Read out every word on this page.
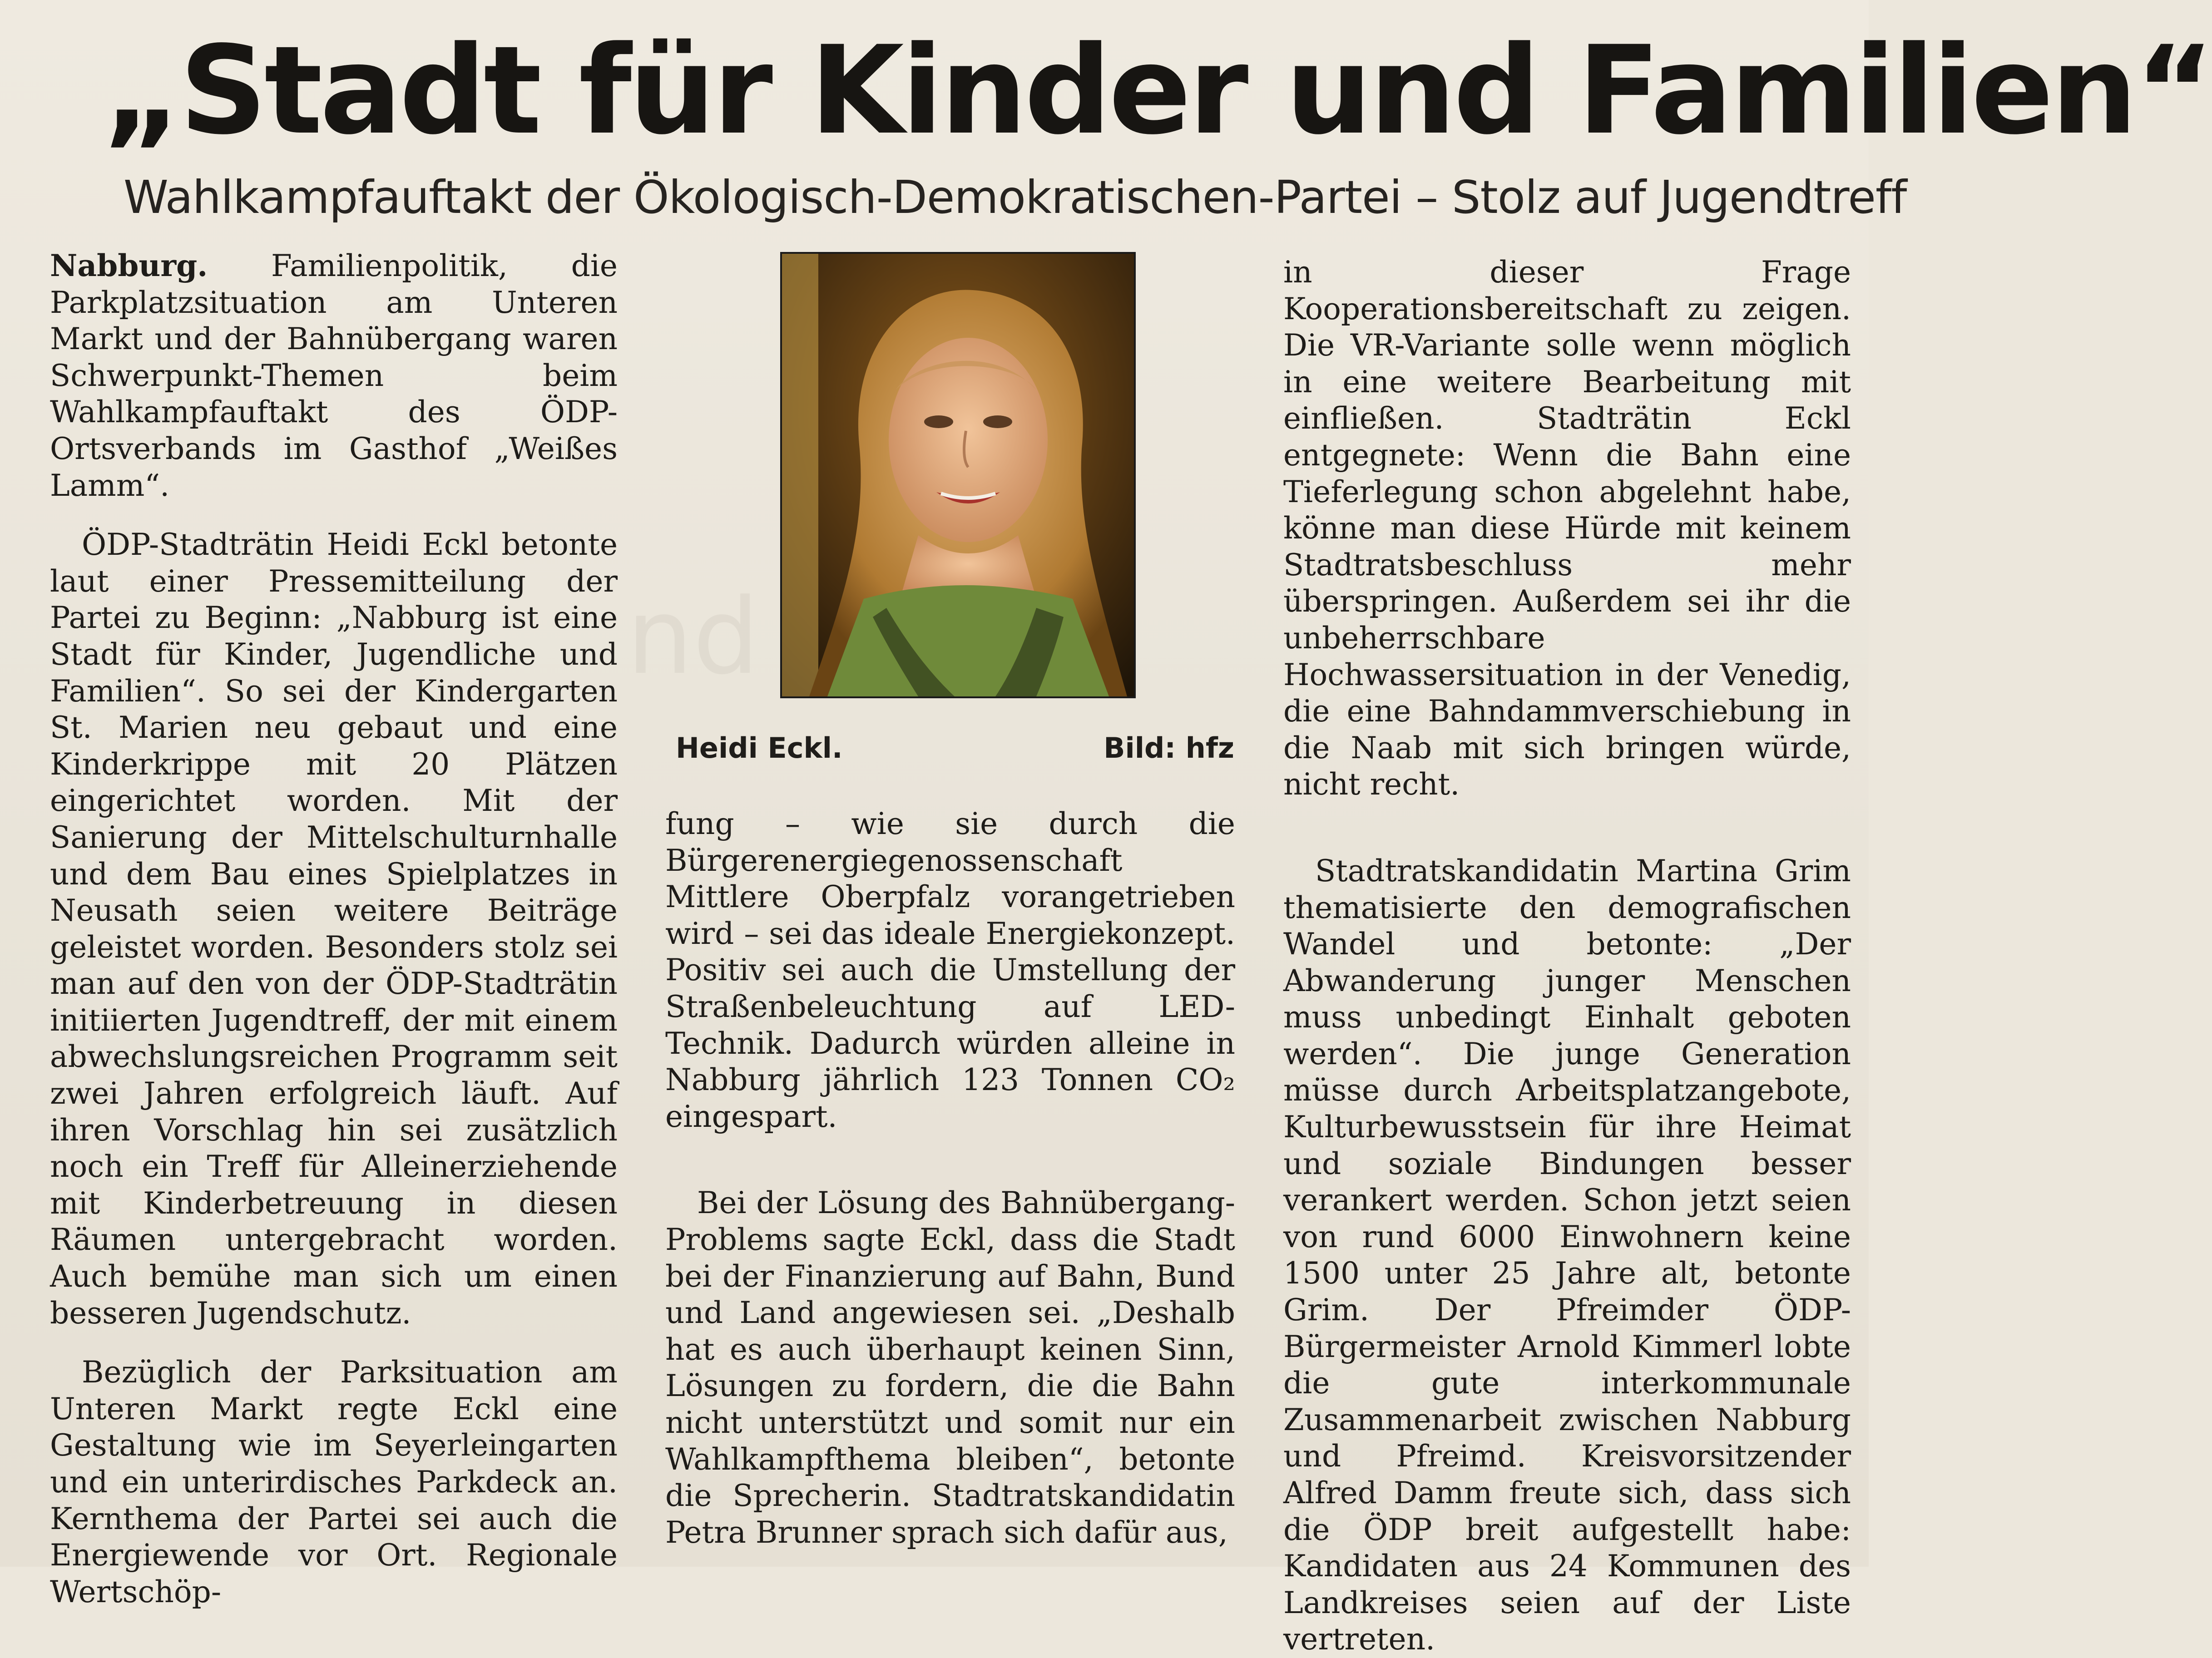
nd
„Stadt für Kinder und Familien“
Wahlkampfauftakt der Ökologisch-Demokratischen-Partei – Stolz auf Jugendtreff

Nabburg. Familienpolitik, die Parkplatzsituation am Unteren Markt und der Bahnübergang waren Schwerpunkt-Themen beim Wahlkampfauftakt des ÖDP-Ortsverbands im Gasthof „Weißes Lamm“.

ÖDP-Stadträtin Heidi Eckl betonte laut einer Pressemitteilung der Partei zu Beginn: „Nabburg ist eine Stadt für Kinder, Jugendliche und Familien“. So sei der Kindergarten St. Marien neu gebaut und eine Kinderkrippe mit 20 Plätzen eingerichtet worden. Mit der Sanierung der Mittelschulturnhalle und dem Bau eines Spielplatzes in Neusath seien weitere Beiträge geleistet worden. Besonders stolz sei man auf den von der ÖDP-Stadträtin initiierten Jugendtreff, der mit einem abwechslungsreichen Programm seit zwei Jahren erfolgreich läuft. Auf ihren Vorschlag hin sei zusätzlich noch ein Treff für Alleinerziehende mit Kinderbetreuung in diesen Räumen untergebracht worden. Auch bemühe man sich um einen besseren Jugendschutz.

Bezüglich der Parksituation am Unteren Markt regte Eckl eine Gestaltung wie im Seyerleingarten und ein unterirdisches Parkdeck an. Kernthema der Partei sei auch die Energiewende vor Ort. Regionale Wertschöp-

Heidi Eckl.	Bild: hfz

fung – wie sie durch die Bürgerenergiegenossenschaft Mittlere Oberpfalz vorangetrieben wird – sei das ideale Energiekonzept. Positiv sei auch die Umstellung der Straßenbeleuchtung auf LED-Technik. Dadurch würden alleine in Nabburg jährlich 123 Tonnen CO₂ eingespart.

Bei der Lösung des Bahnübergang-Problems sagte Eckl, dass die Stadt bei der Finanzierung auf Bahn, Bund und Land angewiesen sei. „Deshalb hat es auch überhaupt keinen Sinn, Lösungen zu fordern, die die Bahn nicht unterstützt und somit nur ein Wahlkampfthema bleiben“, betonte die Sprecherin. Stadtratskandidatin Petra Brunner sprach sich dafür aus,

in dieser Frage Kooperationsbereitschaft zu zeigen. Die VR-Variante solle wenn möglich in eine weitere Bearbeitung mit einfließen. Stadträtin Eckl entgegnete: Wenn die Bahn eine Tieferlegung schon abgelehnt habe, könne man diese Hürde mit keinem Stadtratsbeschluss mehr überspringen. Außerdem sei ihr die unbeherrschbare Hochwassersituation in der Venedig, die eine Bahndammverschiebung in die Naab mit sich bringen würde, nicht recht.

Stadtratskandidatin Martina Grim thematisierte den demografischen Wandel und betonte: „Der Abwanderung junger Menschen muss unbedingt Einhalt geboten werden“. Die junge Generation müsse durch Arbeitsplatzangebote, Kulturbewusstsein für ihre Heimat und soziale Bindungen besser verankert werden. Schon jetzt seien von rund 6000 Einwohnern keine 1500 unter 25 Jahre alt, betonte Grim. Der Pfreimder ÖDP-Bürgermeister Arnold Kimmerl lobte die gute interkommunale Zusammenarbeit zwischen Nabburg und Pfreimd. Kreisvorsitzender Alfred Damm freute sich, dass sich die ÖDP breit aufgestellt habe: Kandidaten aus 24 Kommunen des Landkreises seien auf der Liste vertreten.
